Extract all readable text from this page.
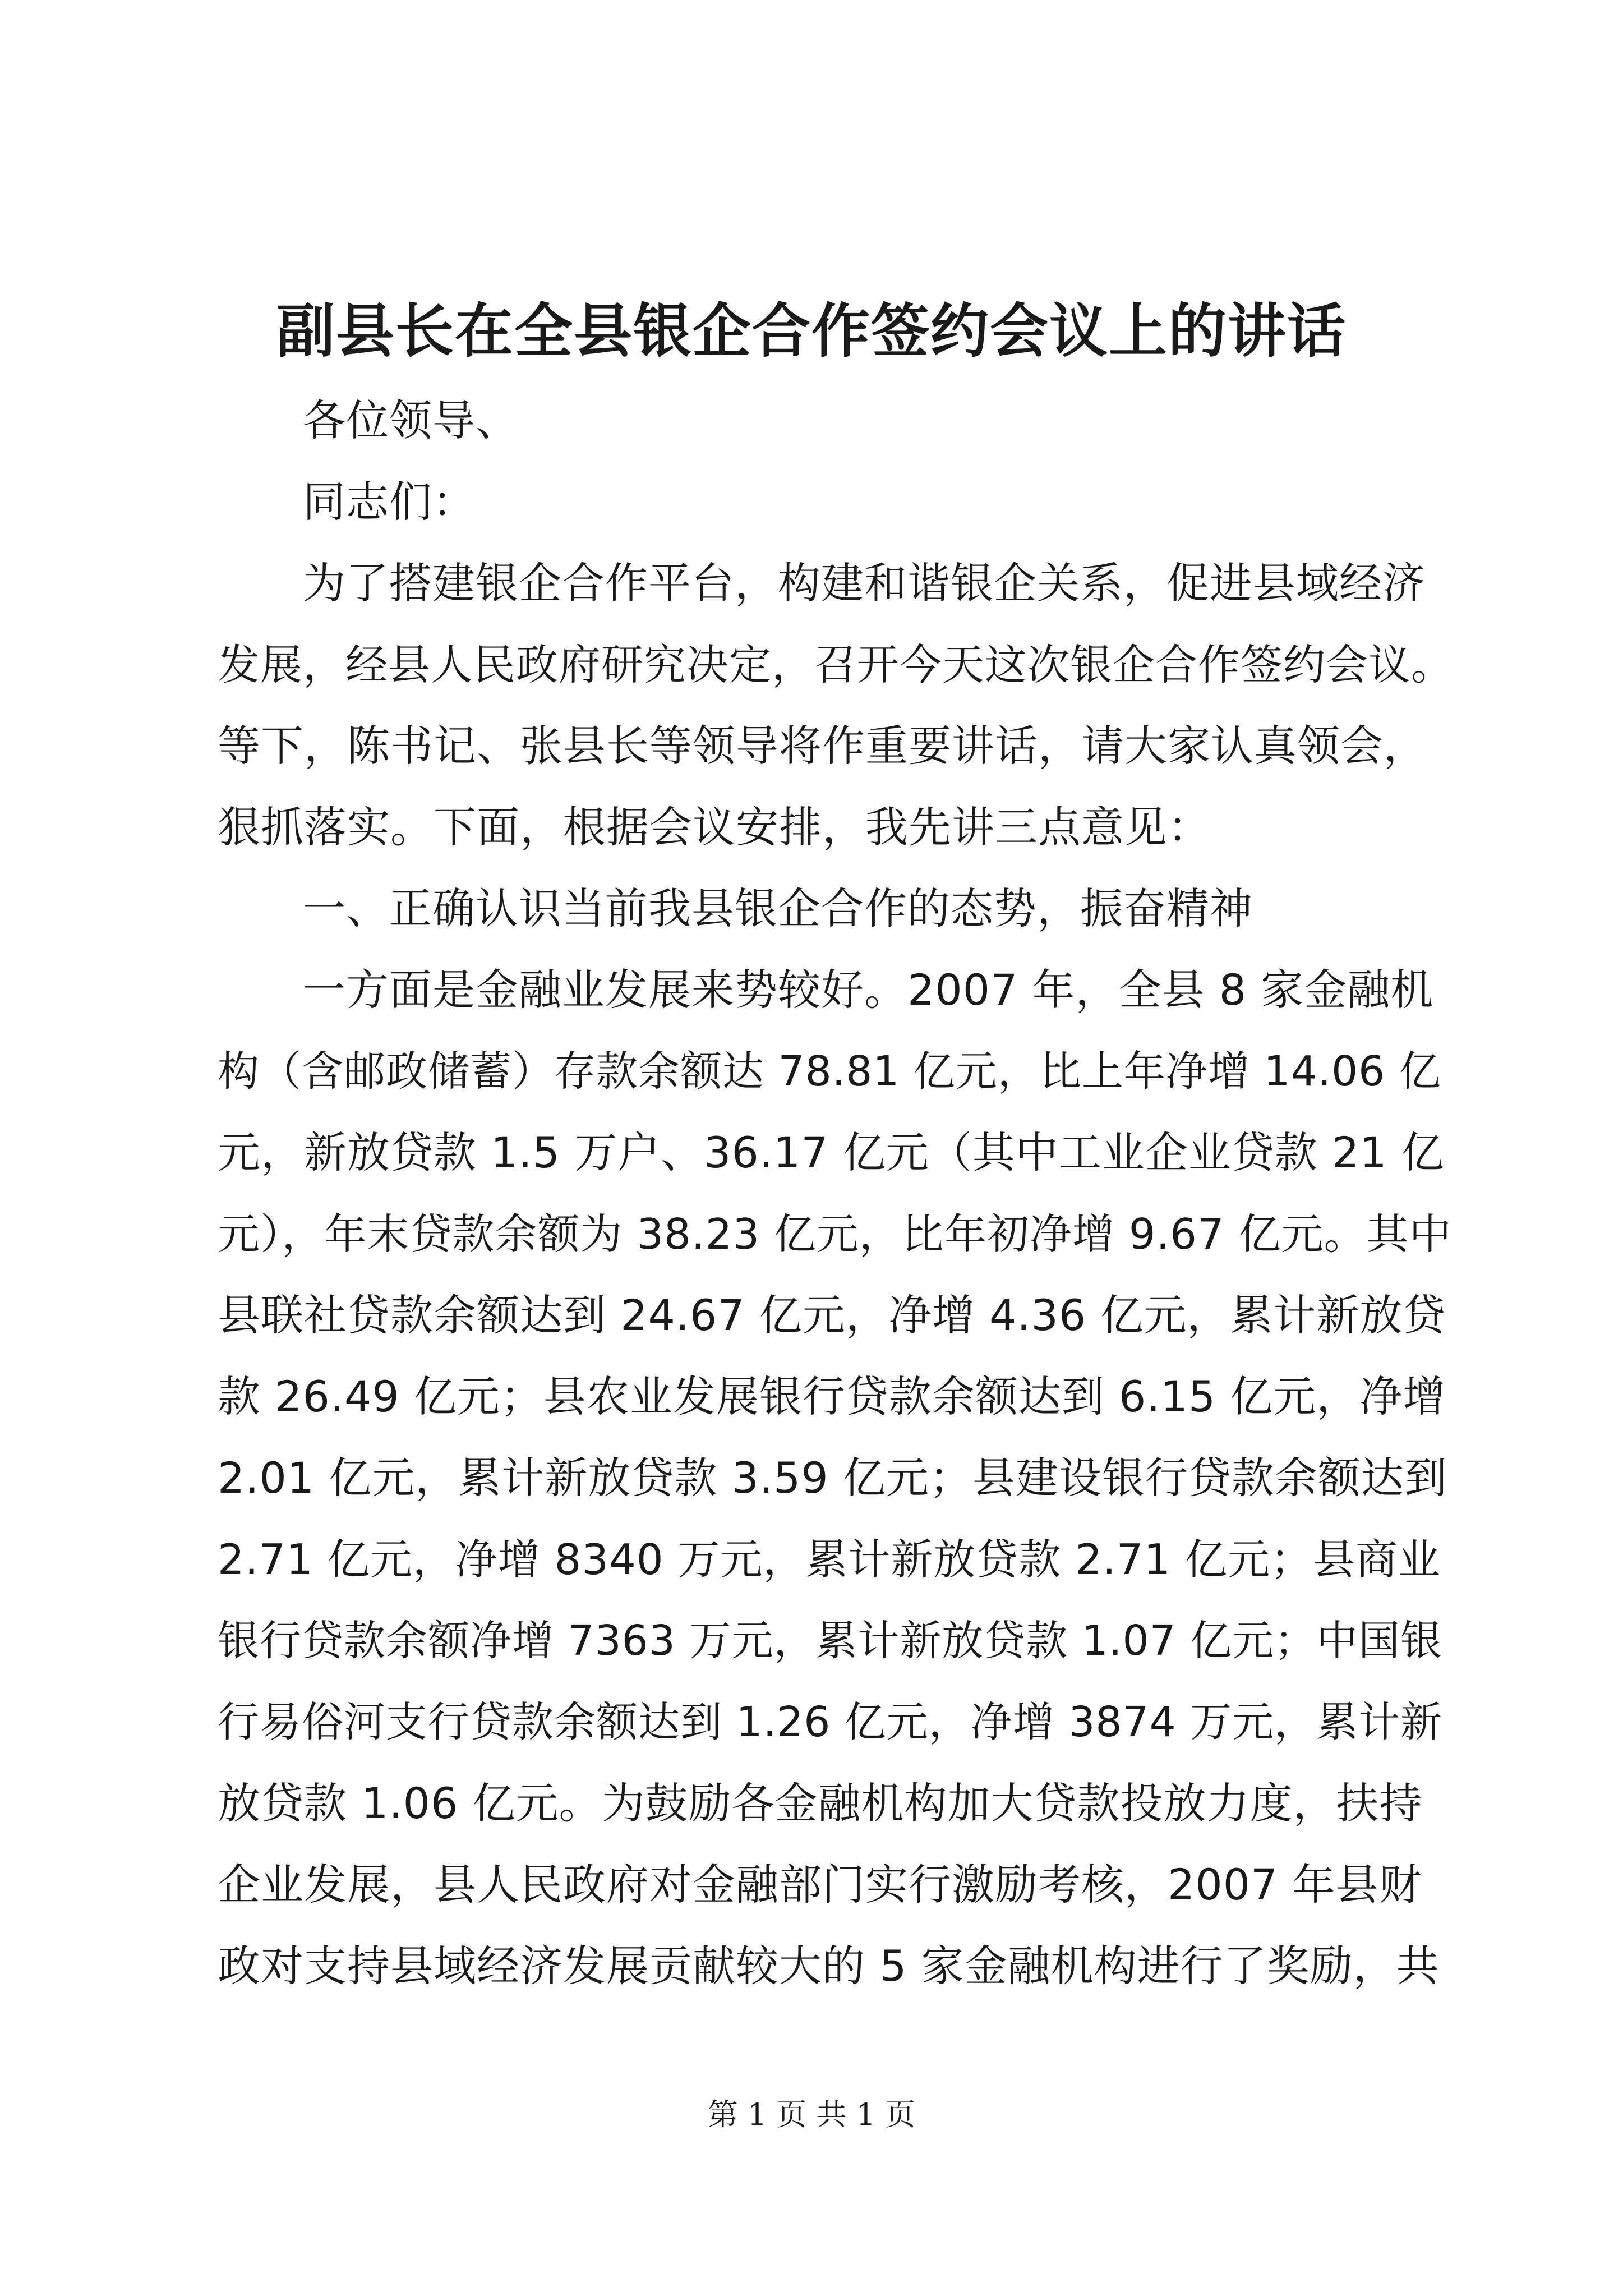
副县长在全县银企合作签约会议上的讲话
各位领导、
同志们：
为了搭建银企合作平台，构建和谐银企关系，促进县域经济
发展，经县人民政府研究决定，召开今天这次银企合作签约会议。
等下，陈书记、张县长等领导将作重要讲话，请大家认真领会，
狠抓落实。下面，根据会议安排，我先讲三点意见：
一、正确认识当前我县银企合作的态势，振奋精神
一方面是金融业发展来势较好。2007 年，全县 8 家金融机
构（含邮政储蓄）存款余额达 78.81 亿元，比上年净增 14.06 亿
元，新放贷款 1.5 万户、36.17 亿元（其中工业企业贷款 21 亿
元），年末贷款余额为 38.23 亿元，比年初净增 9.67 亿元。其中
县联社贷款余额达到 24.67 亿元，净增 4.36 亿元，累计新放贷
款 26.49 亿元；县农业发展银行贷款余额达到 6.15 亿元，净增
2.01 亿元，累计新放贷款 3.59 亿元；县建设银行贷款余额达到
2.71 亿元，净增 8340 万元，累计新放贷款 2.71 亿元；县商业
银行贷款余额净增 7363 万元，累计新放贷款 1.07 亿元；中国银
行易俗河支行贷款余额达到 1.26 亿元，净增 3874 万元，累计新
放贷款 1.06 亿元。为鼓励各金融机构加大贷款投放力度，扶持
企业发展，县人民政府对金融部门实行激励考核，2007 年县财
政对支持县域经济发展贡献较大的 5 家金融机构进行了奖励，共
第 1 页 共 1 页
